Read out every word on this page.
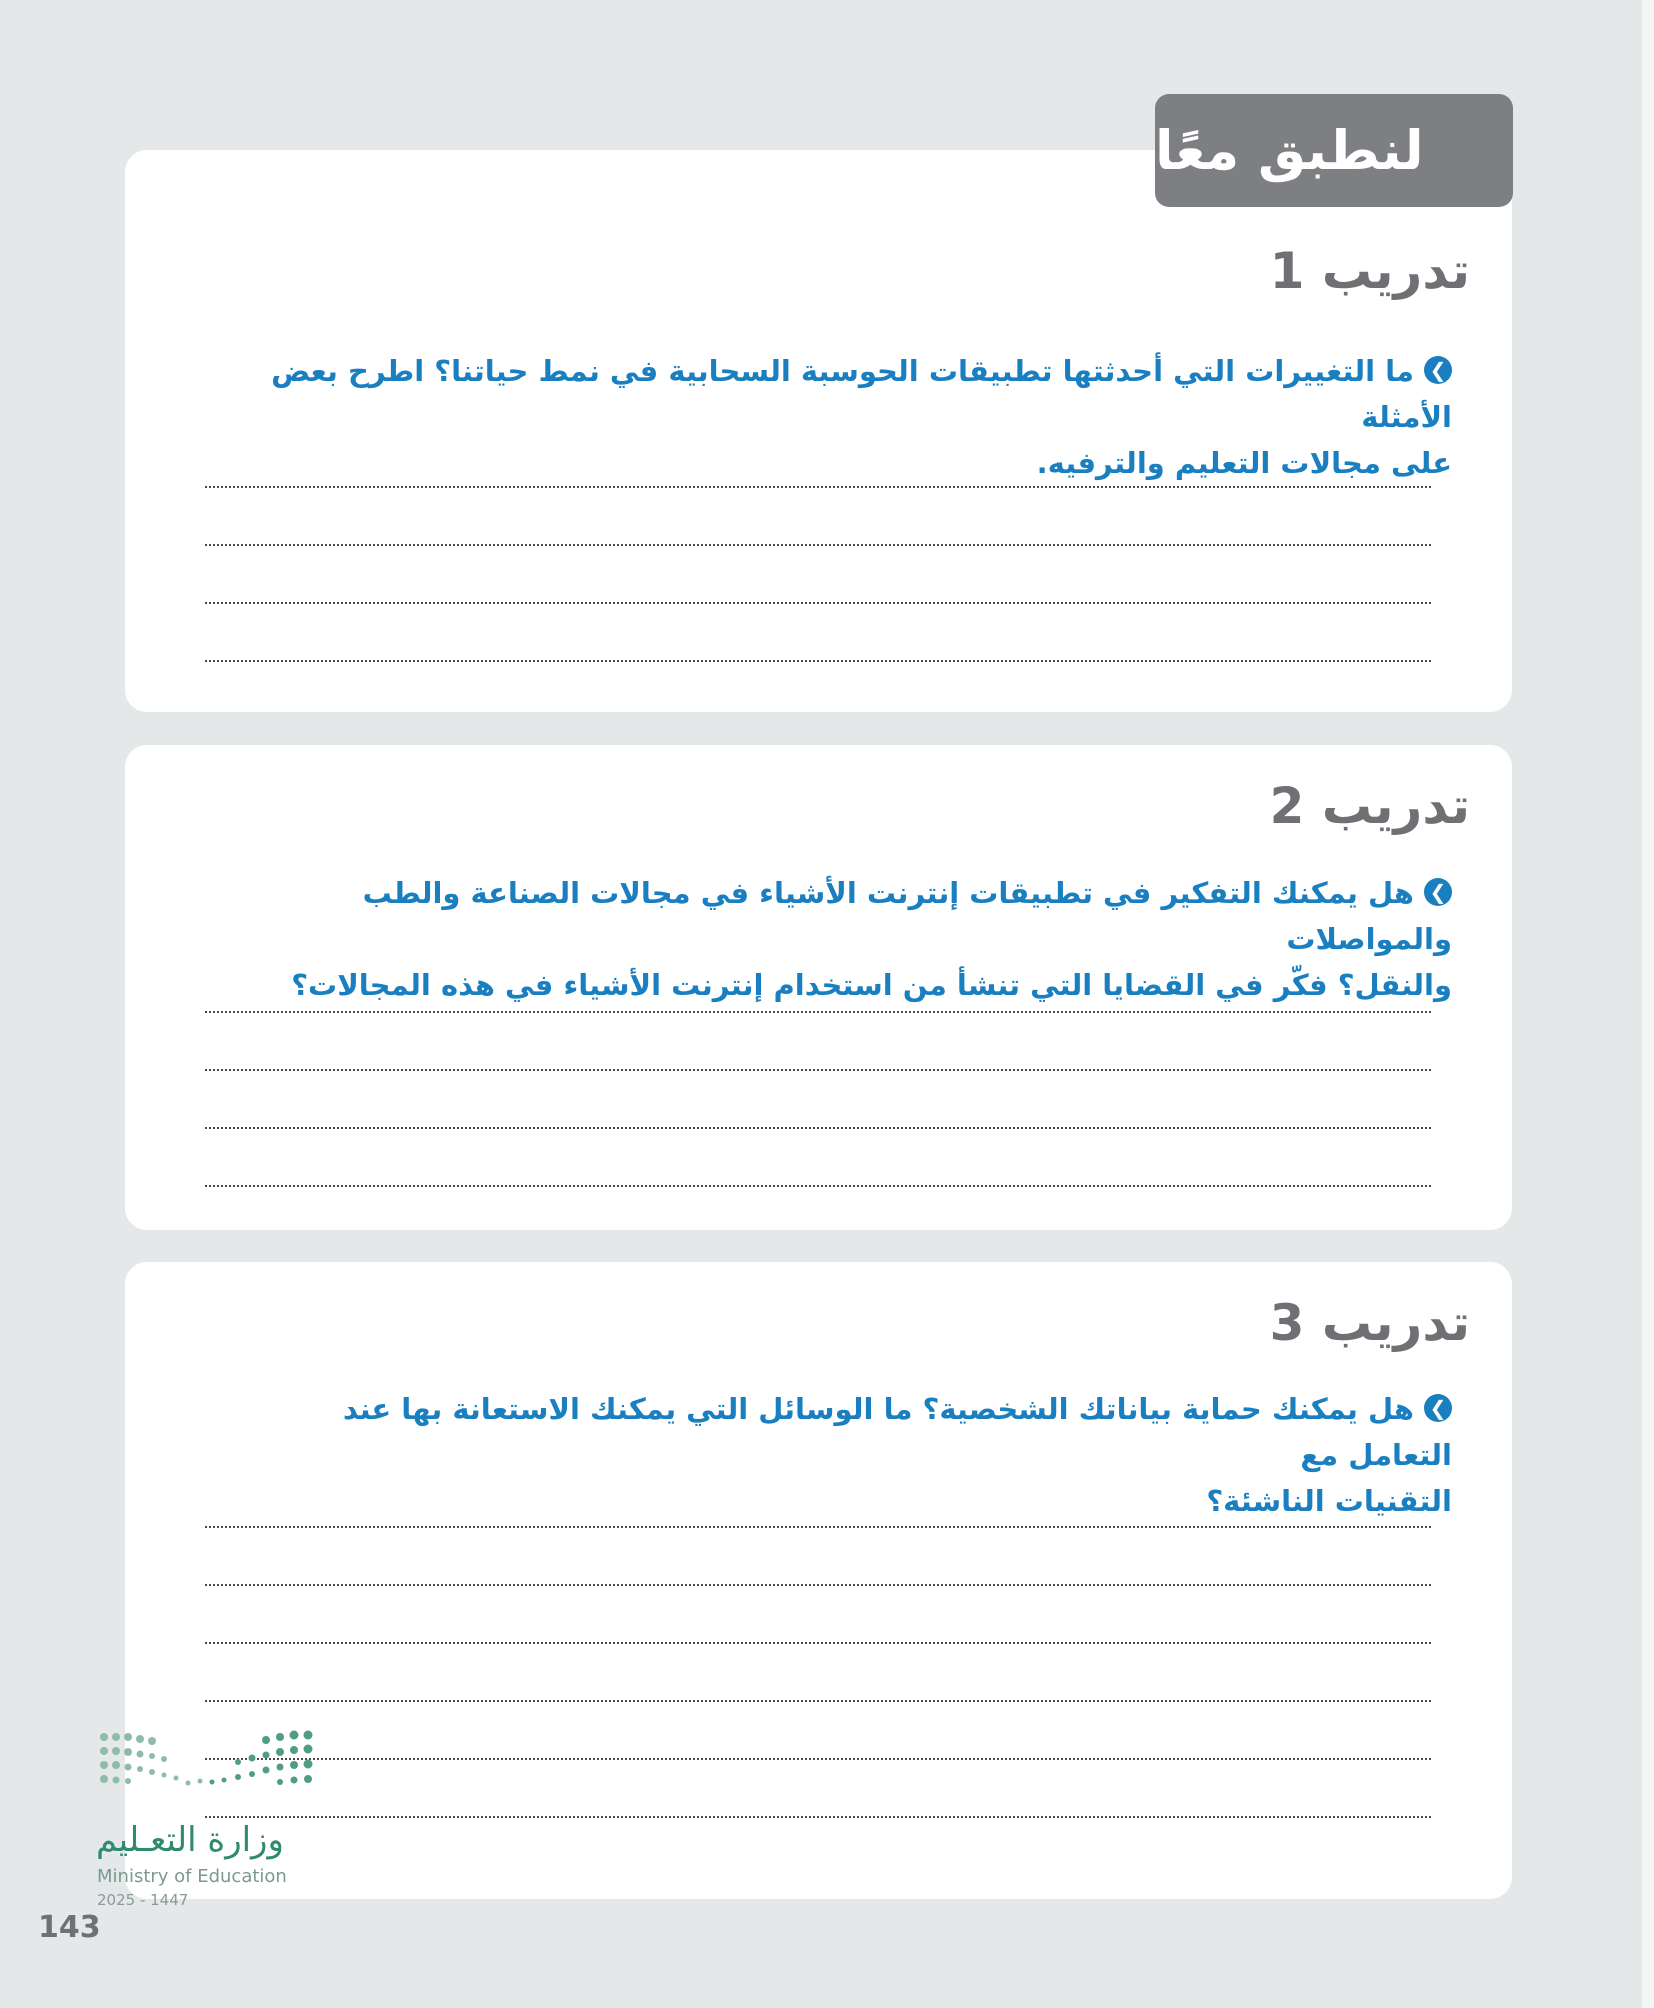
تدريب 1
❯ما التغييرات التي أحدثتها تطبيقات الحوسبة السحابية في نمط حياتنا؟ اطرح بعض الأمثلة
على مجالات التعليم والترفيه.
تدريب 2
❯هل يمكنك التفكير في تطبيقات إنترنت الأشياء في مجالات الصناعة والطب والمواصلات
والنقل؟ فكّر في القضايا التي تنشأ من استخدام إنترنت الأشياء في هذه المجالات؟
تدريب 3
❯هل يمكنك حماية بياناتك الشخصية؟ ما الوسائل التي يمكنك الاستعانة بها عند التعامل مع
التقنيات الناشئة؟
لنطبق معًا
وزارة التعـليم
Ministry of Education
2025 - 1447
143
